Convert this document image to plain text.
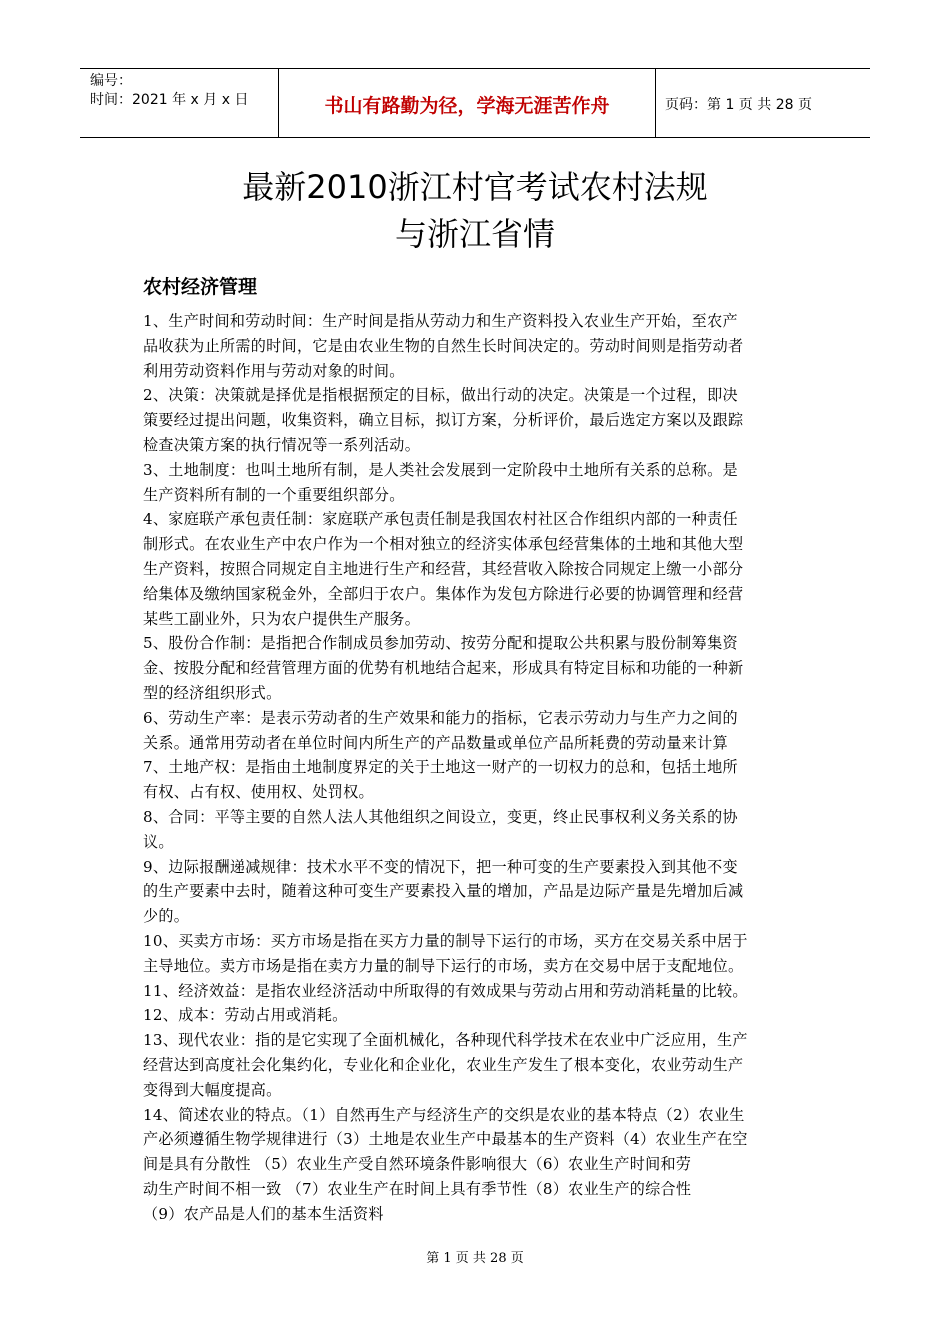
编号：
时间：2021 年 x 月 x 日	书山有路勤为径，学海无涯苦作舟	页码：第 1 页 共 28 页
最新2010浙江村官考试农村法规
与浙江省情
农村经济管理
1、生产时间和劳动时间：生产时间是指从劳动力和生产资料投入农业生产开始，至农产
品收获为止所需的时间，它是由农业生物的自然生长时间决定的。劳动时间则是指劳动者
利用劳动资料作用与劳动对象的时间。
2、决策：决策就是择优是指根据预定的目标，做出行动的决定。决策是一个过程，即决
策要经过提出问题，收集资料，确立目标，拟订方案，分析评价，最后选定方案以及跟踪
检查决策方案的执行情况等一系列活动。
3、土地制度：也叫土地所有制，是人类社会发展到一定阶段中土地所有关系的总称。是
生产资料所有制的一个重要组织部分。
4、家庭联产承包责任制：家庭联产承包责任制是我国农村社区合作组织内部的一种责任
制形式。在农业生产中农户作为一个相对独立的经济实体承包经营集体的土地和其他大型
生产资料，按照合同规定自主地进行生产和经营，其经营收入除按合同规定上缴一小部分
给集体及缴纳国家税金外，全部归于农户。集体作为发包方除进行必要的协调管理和经营
某些工副业外，只为农户提供生产服务。
5、股份合作制：是指把合作制成员参加劳动、按劳分配和提取公共积累与股份制筹集资
金、按股分配和经营管理方面的优势有机地结合起来，形成具有特定目标和功能的一种新
型的经济组织形式。
6、劳动生产率：是表示劳动者的生产效果和能力的指标，它表示劳动力与生产力之间的
关系。通常用劳动者在单位时间内所生产的产品数量或单位产品所耗费的劳动量来计算
7、土地产权：是指由土地制度界定的关于土地这一财产的一切权力的总和，包括土地所
有权、占有权、使用权、处罚权。
8、合同：平等主要的自然人法人其他组织之间设立，变更，终止民事权利义务关系的协
议。
9、边际报酬递减规律：技术水平不变的情况下，把一种可变的生产要素投入到其他不变
的生产要素中去时，随着这种可变生产要素投入量的增加，产品是边际产量是先增加后减
少的。
10、买卖方市场：买方市场是指在买方力量的制导下运行的市场，买方在交易关系中居于
主导地位。卖方市场是指在卖方力量的制导下运行的市场，卖方在交易中居于支配地位。
11、经济效益：是指农业经济活动中所取得的有效成果与劳动占用和劳动消耗量的比较。
12、成本：劳动占用或消耗。
13、现代农业：指的是它实现了全面机械化，各种现代科学技术在农业中广泛应用，生产
经营达到高度社会化集约化，专业化和企业化，农业生产发生了根本变化，农业劳动生产
变得到大幅度提高。
14、简述农业的特点。（1）自然再生产与经济生产的交织是农业的基本特点（2）农业生
产必须遵循生物学规律进行（3）土地是农业生产中最基本的生产资料（4）农业生产在空
间是具有分散性 （5）农业生产受自然环境条件影响很大（6）农业生产时间和劳
动生产时间不相一致 （7）农业生产在时间上具有季节性（8）农业生产的综合性
（9）农产品是人们的基本生活资料
第 1 页 共 28 页
